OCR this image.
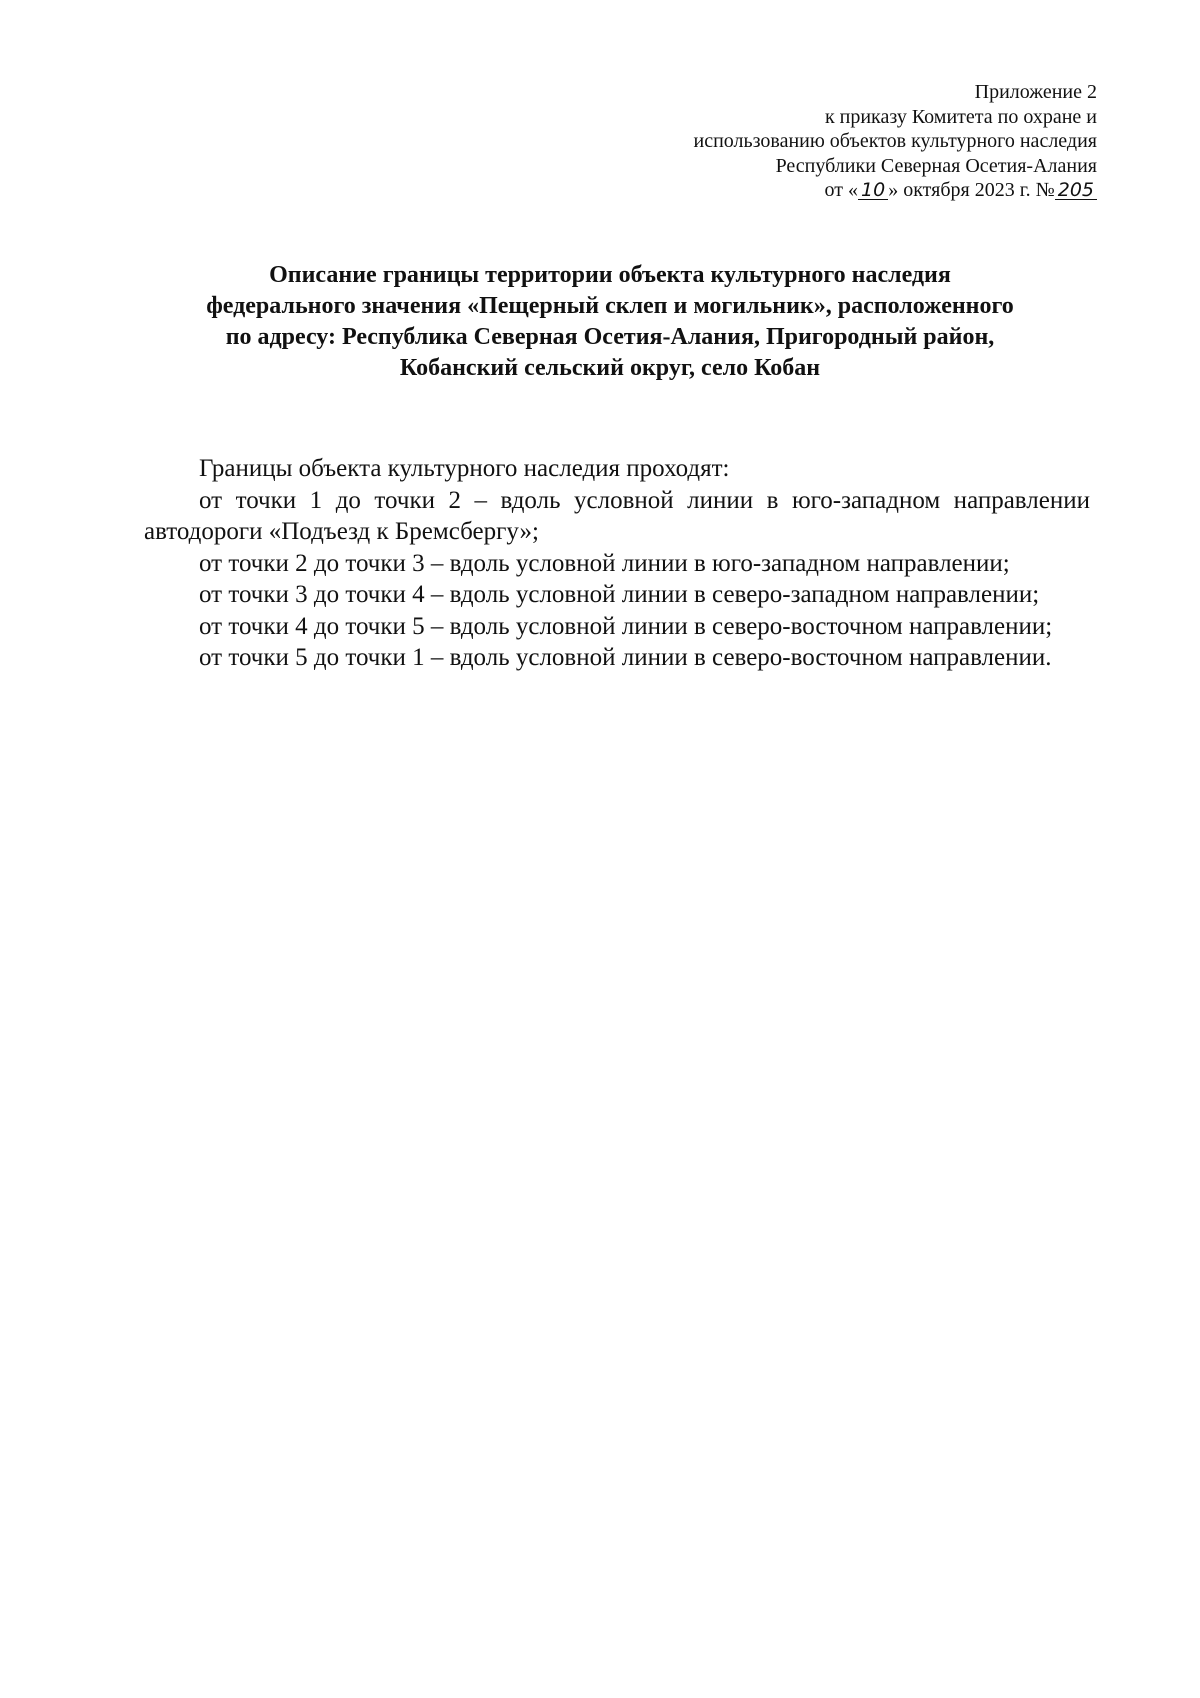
Приложение 2
к приказу Комитета по охране и
использованию объектов культурного наследия
Республики Северная Осетия-Алания
от « 10 » октября 2023 г. № 205
Описание границы территории объекта культурного наследия
федерального значения «Пещерный склеп и могильник», расположенного
по адресу: Республика Северная Осетия-Алания, Пригородный район,
Кобанский сельский округ, село Кобан

Границы объекта культурного наследия проходят:

от точки 1 до точки 2 – вдоль условной линии в юго-западном направлении автодороги «Подъезд к Бремсбергу»;

от точки 2 до точки 3 – вдоль условной линии в юго-западном направлении;

от точки 3 до точки 4 – вдоль условной линии в северо-западном направлении;

от точки 4 до точки 5 – вдоль условной линии в северо-восточном направлении;

от точки 5 до точки 1 – вдоль условной линии в северо-восточном направлении.
